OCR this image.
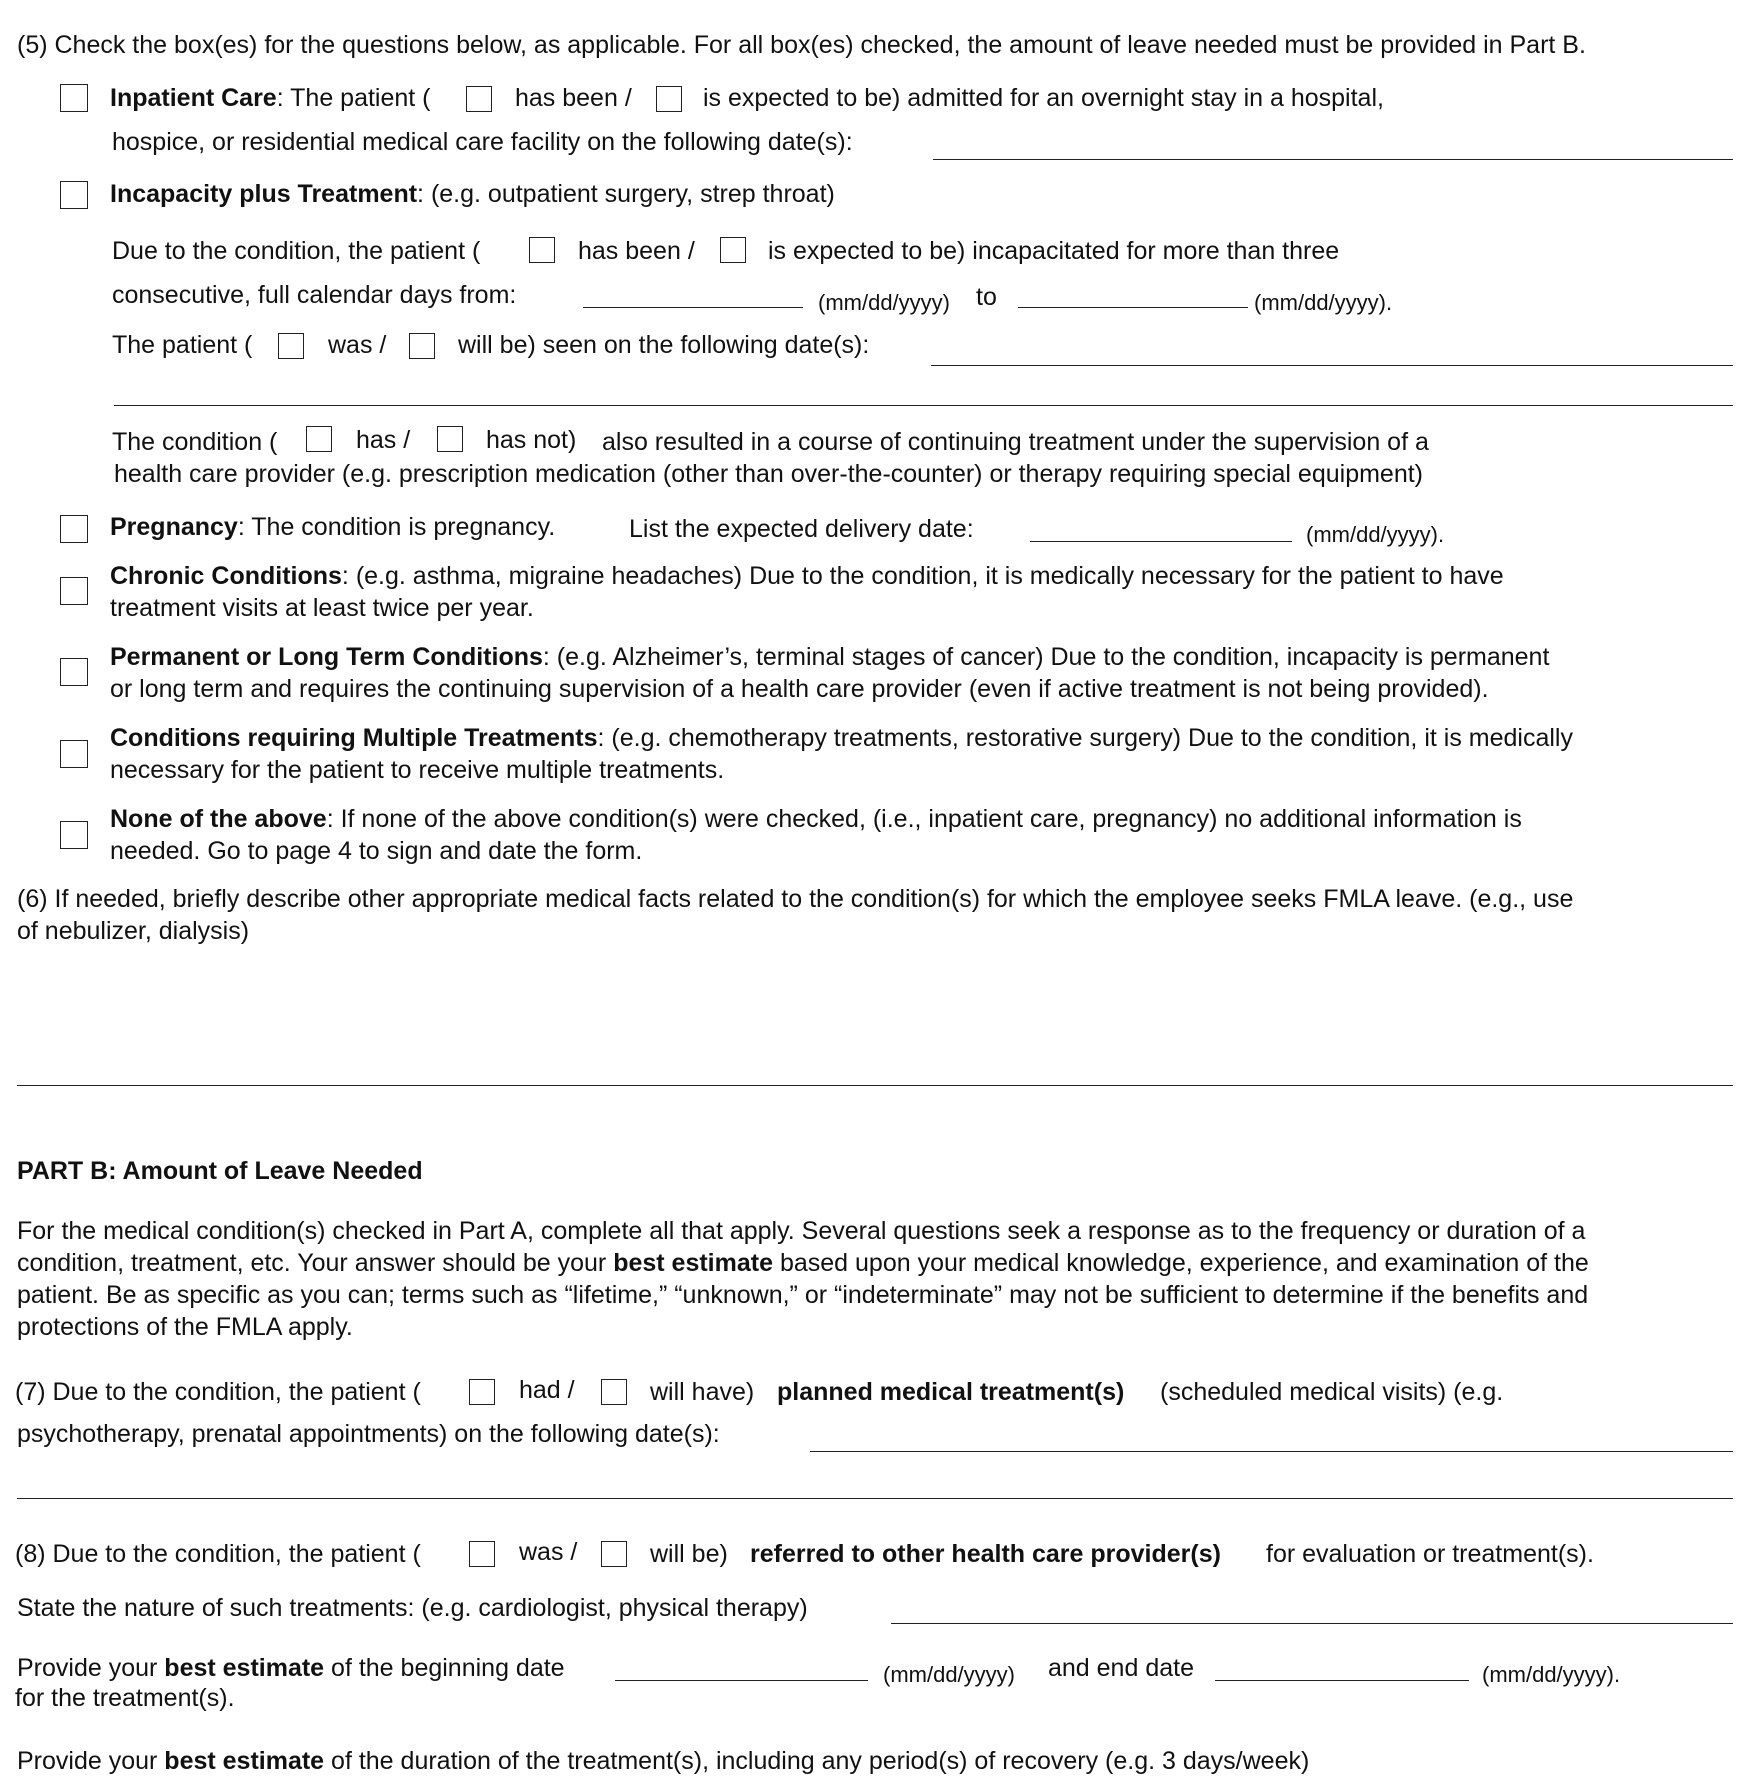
(5) Check the box(es) for the questions below, as applicable. For all box(es) checked, the amount of leave needed must be provided in Part B.
Inpatient Care: The patient (	has been /	is expected to be) admitted for an overnight stay in a hospital,
hospice, or residential medical care facility on the following date(s):
Incapacity plus Treatment: (e.g. outpatient surgery, strep throat)
Due to the condition, the patient (	has been /	is expected to be) incapacitated for more than three
consecutive, full calendar days from:	(mm/dd/yyyy) to	(mm/dd/yyyy).
The patient (	was /	will be) seen on the following date(s):
The condition (	has /	has not) also resulted in a course of continuing treatment under the supervision of a
health care provider (e.g. prescription medication (other than over-the-counter) or therapy requiring special equipment)
Pregnancy: The condition is pregnancy.	List the expected delivery date:	(mm/dd/yyyy).
Chronic Conditions: (e.g. asthma, migraine headaches) Due to the condition, it is medically necessary for the patient to have
treatment visits at least twice per year.
Permanent or Long Term Conditions: (e.g. Alzheimer’s, terminal stages of cancer) Due to the condition, incapacity is permanent
or long term and requires the continuing supervision of a health care provider (even if active treatment is not being provided).
Conditions requiring Multiple Treatments: (e.g. chemotherapy treatments, restorative surgery) Due to the condition, it is medically
necessary for the patient to receive multiple treatments.
None of the above: If none of the above condition(s) were checked, (i.e., inpatient care, pregnancy) no additional information is
needed. Go to page 4 to sign and date the form.
(6) If needed, briefly describe other appropriate medical facts related to the condition(s) for which the employee seeks FMLA leave. (e.g., use
of nebulizer, dialysis)
PART B: Amount of Leave Needed
For the medical condition(s) checked in Part A, complete all that apply. Several questions seek a response as to the frequency or duration of a
condition, treatment, etc. Your answer should be your best estimate based upon your medical knowledge, experience, and examination of the
patient. Be as specific as you can; terms such as “lifetime,” “unknown,” or “indeterminate” may not be sufficient to determine if the benefits and
protections of the FMLA apply.
(7) Due to the condition, the patient (	had /	will have) planned medical treatment(s) (scheduled medical visits) (e.g.
psychotherapy, prenatal appointments) on the following date(s):
(8) Due to the condition, the patient (	was /	will be) referred to other health care provider(s) for evaluation or treatment(s).
State the nature of such treatments: (e.g. cardiologist, physical therapy)
Provide your best estimate of the beginning date	(mm/dd/yyyy) and end date	(mm/dd/yyyy).
for the treatment(s).
Provide your best estimate of the duration of the treatment(s), including any period(s) of recovery (e.g. 3 days/week)
